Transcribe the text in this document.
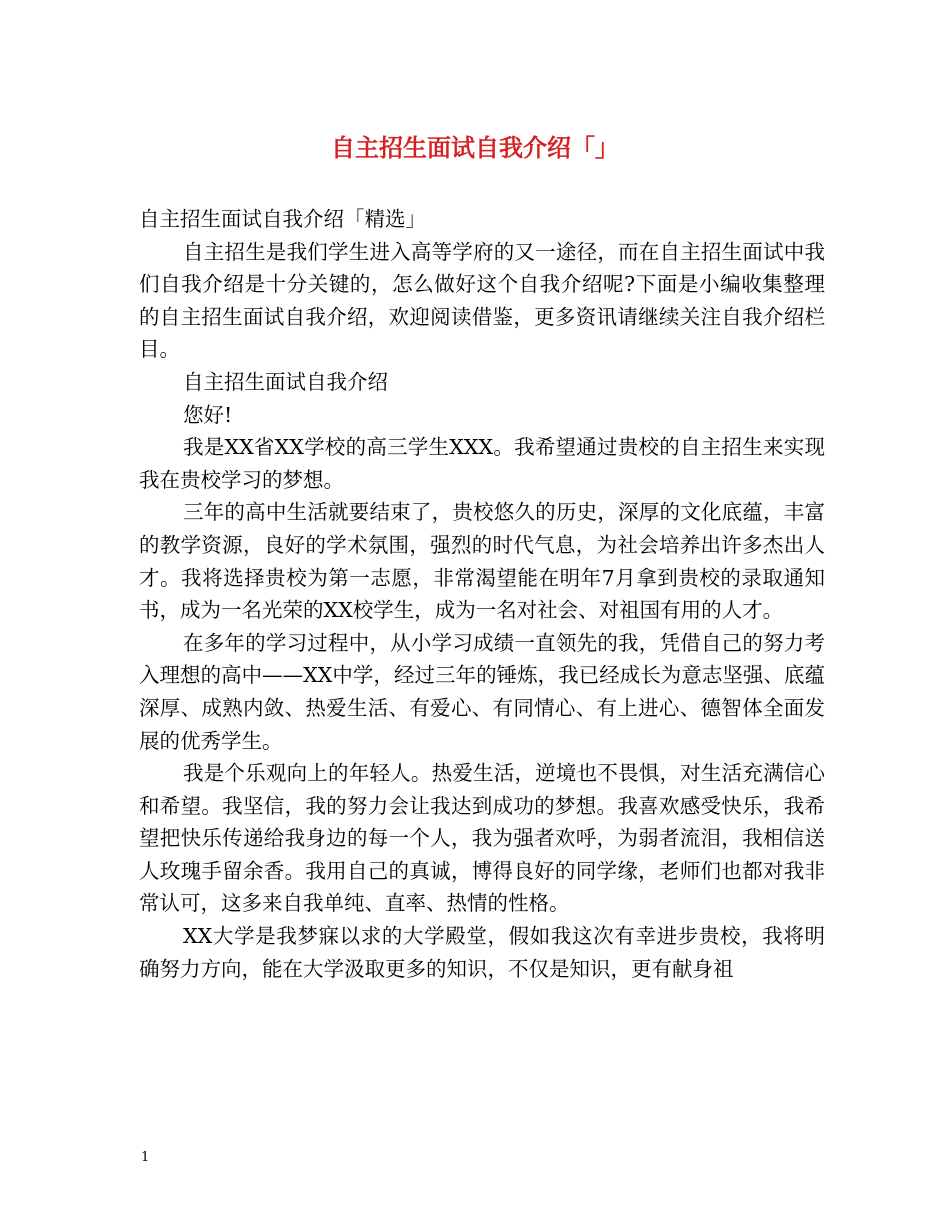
自主招生面试自我介绍「」

自主招生面试自我介绍「精选」

自主招生是我们学生进入高等学府的又一途径，而在自主招生面试中我们自我介绍是十分关键的，怎么做好这个自我介绍呢?下面是小编收集整理的自主招生面试自我介绍，欢迎阅读借鉴，更多资讯请继续关注自我介绍栏目。

自主招生面试自我介绍

您好!

我是XX省XX学校的高三学生XXX。我希望通过贵校的自主招生来实现我在贵校学习的梦想。

三年的高中生活就要结束了，贵校悠久的历史，深厚的文化底蕴，丰富的教学资源，良好的学术氛围，强烈的时代气息，为社会培养出许多杰出人才。我将选择贵校为第一志愿，非常渴望能在明年7月拿到贵校的录取通知书，成为一名光荣的XX校学生，成为一名对社会、对祖国有用的人才。

在多年的学习过程中，从小学习成绩一直领先的我，凭借自己的努力考入理想的高中——XX中学，经过三年的锤炼，我已经成长为意志坚强、底蕴深厚、成熟内敛、热爱生活、有爱心、有同情心、有上进心、德智体全面发展的优秀学生。

我是个乐观向上的年轻人。热爱生活，逆境也不畏惧，对生活充满信心和希望。我坚信，我的努力会让我达到成功的梦想。我喜欢感受快乐，我希望把快乐传递给我身边的每一个人，我为强者欢呼，为弱者流泪，我相信送人玫瑰手留余香。我用自己的真诚，博得良好的同学缘，老师们也都对我非常认可，这多来自我单纯、直率、热情的性格。

XX大学是我梦寐以求的大学殿堂，假如我这次有幸进步贵校，我将明确努力方向，能在大学汲取更多的知识，不仅是知识，更有献身祖

1
